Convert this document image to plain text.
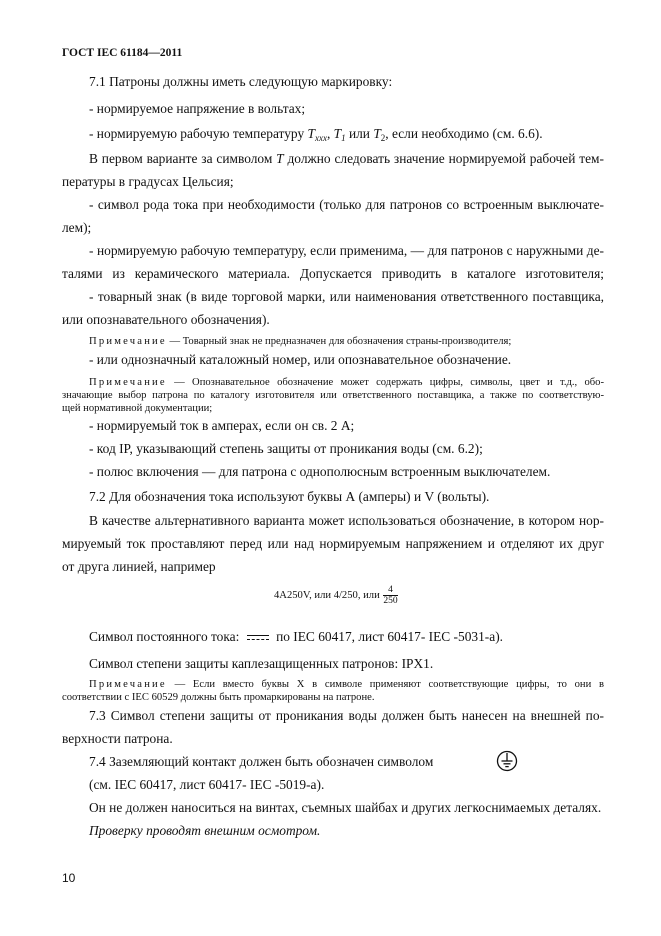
ГОСТ IEC 61184—2011
7.1 Патроны должны иметь следующую маркировку:
- нормируемое напряжение в вольтах;
- нормируемую рабочую температуру $T_{xxx}$, $T_1$ или $T_2$, если необходимо (см. 6.6).
В первом варианте за символом T должно следовать значение нормируемой рабочей тем-
пературы в градусах Цельсия;
- символ рода тока при необходимости (только для патронов со встроенным выключате-
лем);
- нормируемую рабочую температуру, если применима, — для патронов с наружными де-
талями из керамического материала. Допускается приводить в каталоге изготовителя;
- товарный знак (в виде торговой марки, или наименования ответственного поставщика,
или опознавательного обозначения).
Примечание — Товарный знак не предназначен для обозначения страны-производителя;
- или однозначный каталожный номер, или опознавательное обозначение.
Примечание — Опознавательное обозначение может содержать цифры, символы, цвет и т.д., обо-
значающие выбор патрона по каталогу изготовителя или ответственного поставщика, а также по соответствую-
щей нормативной документации;
- нормируемый ток в амперах, если он св. 2 А;
- код IP, указывающий степень защиты от проникания воды (см. 6.2);
- полюс включения — для патрона с однополюсным встроенным выключателем.
7.2 Для обозначения тока используют буквы А (амперы) и V (вольты).
В качестве альтернативного варианта может использоваться обозначение, в котором нор-
мируемый ток проставляют перед или над нормируемым напряжением и отделяют их друг
от друга линией, например
4A250V, или 4/250, или $\frac{4}{250}$
Символ постоянного тока:	по IEC 60417, лист 60417- IEC -5031-а).
Символ степени защиты каплезащищенных патронов: IPX1.
Примечание — Если вместо буквы X в символе применяют соответствующие цифры, то они в
соответствии с IEC 60529 должны быть промаркированы на патроне.
7.3 Символ степени защиты от проникания воды должен быть нанесен на внешней по-
верхности патрона.
7.4 Заземляющий контакт должен быть обозначен символом
(см. IEC 60417, лист 60417- IEC -5019-а).
Он не должен наноситься на винтах, съемных шайбах и других легкоснимаемых деталях.
Проверку проводят внешним осмотром.
10
